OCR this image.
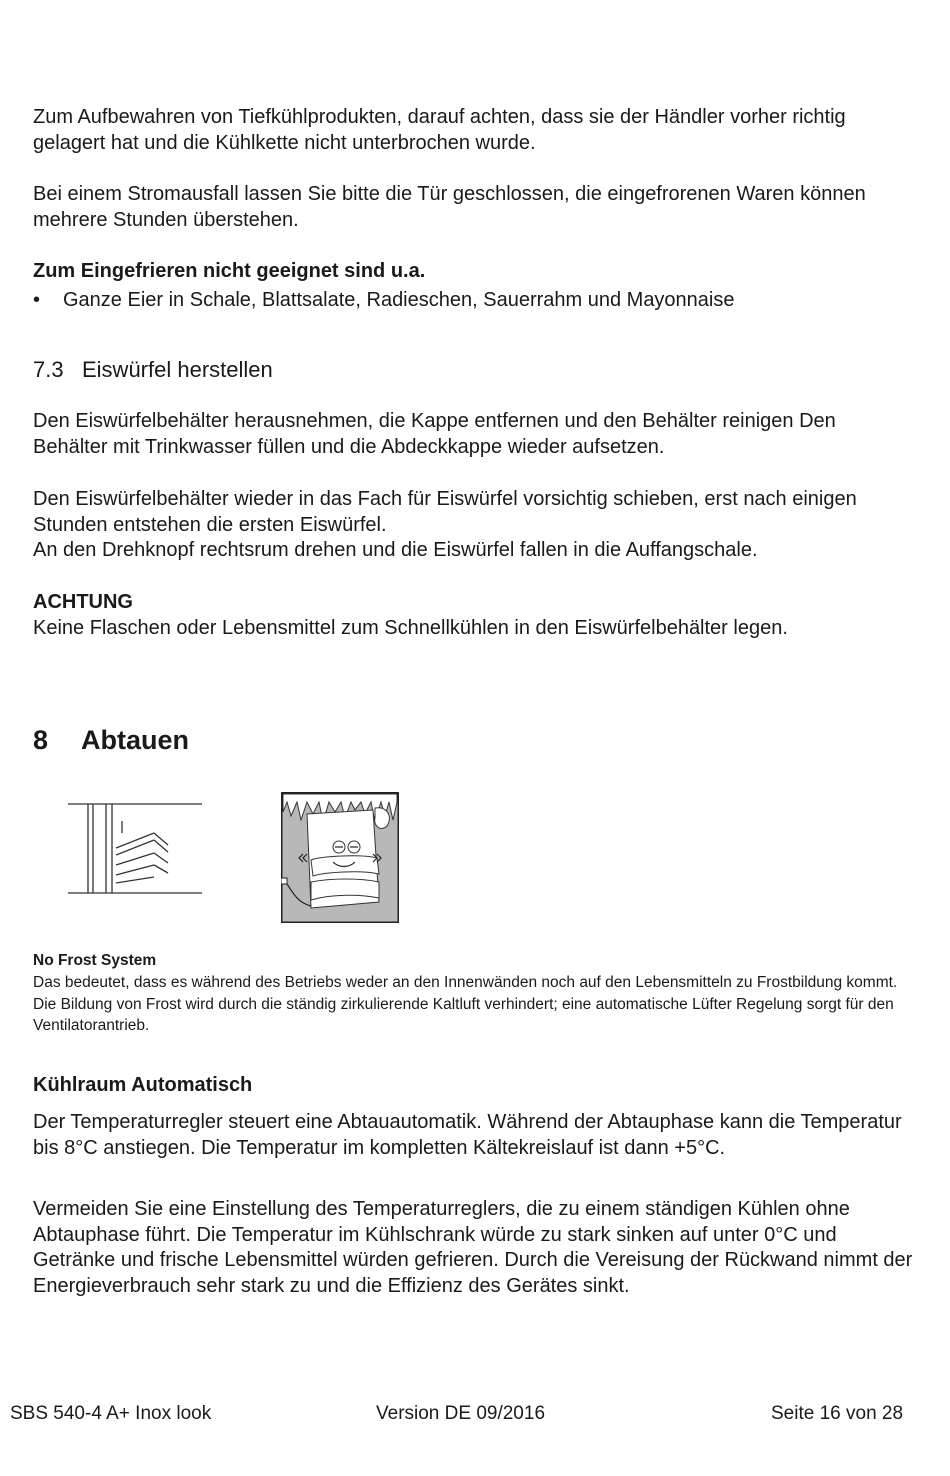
Zum Aufbewahren von Tiefkühlprodukten, darauf achten, dass sie der Händler vorher richtig gelagert hat und die Kühlkette nicht unterbrochen wurde.

Bei einem Stromausfall lassen Sie bitte die Tür geschlossen, die eingefrorenen Waren können mehrere Stunden überstehen.

Zum Eingefrieren nicht geeignet sind u.a.

• Ganze Eier in Schale, Blattsalate, Radieschen, Sauerrahm und Mayonnaise
7.3 Eiswürfel herstellen

Den Eiswürfelbehälter herausnehmen, die Kappe entfernen und den Behälter reinigen Den Behälter mit Trinkwasser füllen und die Abdeckkappe wieder aufsetzen.

Den Eiswürfelbehälter wieder in das Fach für Eiswürfel vorsichtig schieben, erst nach einigen Stunden entstehen die ersten Eiswürfel.

An den Drehknopf rechtsrum drehen und die Eiswürfel fallen in die Auffangschale.

ACHTUNG

Keine Flaschen oder Lebensmittel zum Schnellkühlen in den Eiswürfelbehälter legen.

8 Abtauen

No Frost System

Das bedeutet, dass es während des Betriebs weder an den Innenwänden noch auf den Lebensmitteln zu Frostbildung kommt. Die Bildung von Frost wird durch die ständig zirkulierende Kaltluft verhindert; eine automatische Lüfter Regelung sorgt für den Ventilatorantrieb.

Kühlraum Automatisch

Der Temperaturregler steuert eine Abtauautomatik. Während der Abtauphase kann die Temperatur bis 8°C anstiegen. Die Temperatur im kompletten Kältekreislauf ist dann +5°C.

Vermeiden Sie eine Einstellung des Temperaturreglers, die zu einem ständigen Kühlen ohne Abtauphase führt. Die Temperatur im Kühlschrank würde zu stark sinken auf unter 0°C und Getränke und frische Lebensmittel würden gefrieren. Durch die Vereisung der Rückwand nimmt der Energieverbrauch sehr stark zu und die Effizienz des Gerätes sinkt.

SBS 540-4 A+ Inox look	Version DE 09/2016	Seite 16 von 28
